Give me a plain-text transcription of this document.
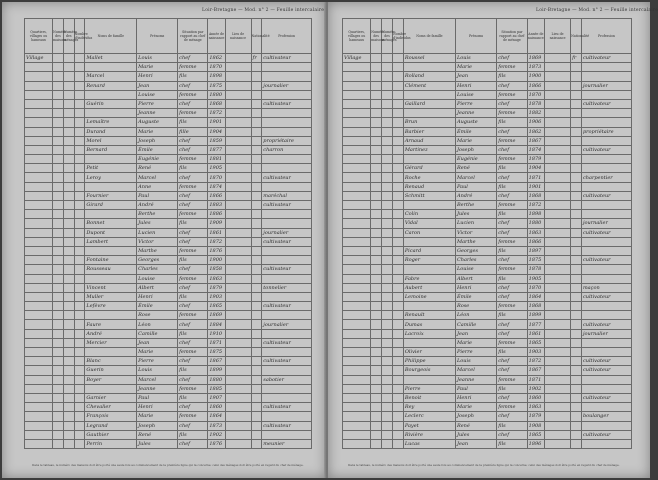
Loir-Bretagne — Mod. n° 2 — Feuille intercalaire
Quartiers, villages ou hameaux	Numéro des maisons	Numéro des ménages	Nombre d'individus	Noms de famille	Prénoms	Situation par rapport au chef de ménage	Année de naissance	Lieu de naissance	Nationalité	Profession
Village				Mallet	Louis	chef	1862		fr	cultivateur
					Marie	femme	1870			
				Marcel	Henri	fils	1898			
				Renard	Jean	chef	1875			journalier
					Louise	femme	1880			
				Guérin	Pierre	chef	1868			cultivateur
					Jeanne	femme	1872			
				Lemaître	Auguste	fils	1901			
				Durand	Marie	fille	1904			
				Morel	Joseph	chef	1859			propriétaire
				Bernard	Émile	chef	1877			charron
					Eugénie	femme	1881			
				Petit	René	fils	1905			
				Leroy	Marcel	chef	1870			cultivateur
					Anne	femme	1874			
				Fournier	Paul	chef	1866			maréchal
				Girard	André	chef	1883			cultivateur
					Berthe	femme	1886			
				Bonnet	Jules	fils	1909			
				Dupont	Lucien	chef	1861			journalier
				Lambert	Victor	chef	1872			cultivateur
					Marthe	femme	1876			
				Fontaine	Georges	fils	1900			
				Rousseau	Charles	chef	1858			cultivateur
					Louise	femme	1863			
				Vincent	Albert	chef	1879			tonnelier
				Muller	Henri	fils	1903			
				Lefèvre	Émile	chef	1865			cultivateur
					Rose	femme	1869			
				Faure	Léon	chef	1884			journalier
				André	Camille	fils	1910			
				Mercier	Jean	chef	1871			cultivateur
					Marie	femme	1875			
				Blanc	Pierre	chef	1867			cultivateur
				Guerin	Louis	fils	1899			
				Boyer	Marcel	chef	1880			sabotier
					Jeanne	femme	1885			
				Garnier	Paul	fils	1907			
				Chevalier	Henri	chef	1860			cultivateur
				François	Marie	femme	1864			
				Legrand	Joseph	chef	1873			cultivateur
				Gauthier	René	fils	1902			
				Perrin	Jules	chef	1876			meunier
Dans le tableau, le numéro des maisons doit être porté une seule fois au commencement de la première ligne qui la concerne; celui des ménages doit être porté en regard du chef de ménage.
Loir-Bretagne — Mod. n° 2 — Feuille intercalaire
Quartiers, villages ou hameaux	Numéro des maisons	Numéro des ménages	Nombre d'individus	Noms de famille	Prénoms	Situation par rapport au chef de ménage	Année de naissance	Lieu de naissance	Nationalité	Profession
Village				Roussel	Louis	chef	1869		fr	cultivateur
					Marie	femme	1873			
				Rolland	Jean	fils	1900			
				Clément	Henri	chef	1866			journalier
					Louise	femme	1870			
				Gaillard	Pierre	chef	1878			cultivateur
					Jeanne	femme	1882			
				Brun	Auguste	fils	1906			
				Barbier	Émile	chef	1862			propriétaire
				Arnaud	Marie	femme	1867			
				Martinez	Joseph	chef	1874			cultivateur
					Eugénie	femme	1879			
				Gérard	René	fils	1904			
				Roche	Marcel	chef	1871			charpentier
				Renaud	Paul	fils	1901			
				Schmitt	André	chef	1868			cultivateur
					Berthe	femme	1872			
				Colin	Jules	fils	1898			
				Vidal	Lucien	chef	1880			journalier
				Caron	Victor	chef	1863			cultivateur
					Marthe	femme	1866			
				Picard	Georges	fils	1897			
				Roger	Charles	chef	1875			cultivateur
					Louise	femme	1878			
				Fabre	Albert	fils	1905			
				Aubert	Henri	chef	1870			maçon
				Lemoine	Émile	chef	1864			cultivateur
					Rose	femme	1868			
				Renault	Léon	fils	1899			
				Dumas	Camille	chef	1877			cultivateur
				Lacroix	Jean	chef	1861			journalier
					Marie	femme	1865			
				Olivier	Pierre	fils	1903			
				Philippe	Louis	chef	1872			cultivateur
				Bourgeois	Marcel	chef	1867			cultivateur
					Jeanne	femme	1871			
				Pierre	Paul	fils	1902			
				Benoit	Henri	chef	1860			cultivateur
				Rey	Marie	femme	1863			
				Leclerc	Joseph	chef	1879			boulanger
				Payet	René	fils	1908			
				Rivière	Jules	chef	1865			cultivateur
				Lucas	Jean	fils	1896			
Dans le tableau, le numéro des maisons doit être porté une seule fois au commencement de la première ligne qui la concerne; celui des ménages doit être porté en regard du chef de ménage.
